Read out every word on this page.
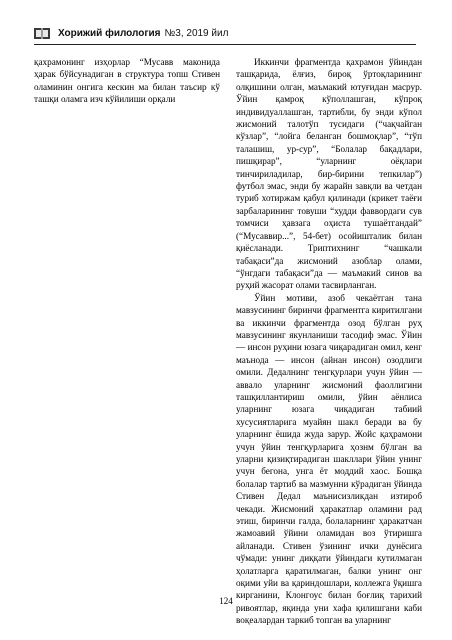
Хорижий филология №3, 2019 йил

қахрамонинг изҳорлар “Мусавв маконида ҳарак бўйсунадиган в структура топш Стивен оламинин онгига кескин ма билан таъсир кў ташқи оламга изч кўйилиши орқали

Иккинчи фрагментда қахрамон ўйиндан ташқарида, ёлғиз, бироқ ўртоқларининг олқишини олган, маъмакий ютуғидан масрур. Ўйин қамроқ кўполлашган, кўпроқ индивидуаллашган, тартибли, бу энди кўпол жисмоний талотўп тусидаги (“чақчайган кўзлар”, “лойга беланган бошмоқлар”, “тўп талашиш, ур-сур”, “Болалар бақадлари, пишқирар”, “уларнинг оёқлари тинчириладилар, бир-бирини тепкилар”) футбол эмас, энди бу жарайн завқли ва четдан туриб хотиржам қабул қилинади (крикет таёғи зарбаларининг товуши “худди фаввордаги сув томчиси ҳавзага оҳиста тушаётгандай” (“Мусаввир...”, 54-бет) осойишталик билан қиёсланади. Триптихнинг “чашкали табақаси”да жисмоний азоблар олами, “ўнгдаги табақаси”да — маъмакий синов ва руҳий жасорат олами тасвирланган.

Ўйин мотиви, азоб чекаётган тана мавзусининг биринчи фрагментга киритилгани ва иккинчи фрагментда озод бўлган руҳ мавзусининг якунланиши тасодиф эмас. Ўйин — инсон руҳини юзага чиқарадиган омил, кенг маънода — инсон (айнан инсон) озодлиги омили. Дедалнинг тенгқурлари учун ўйин — аввало уларнинг жисмоний фаоллигини ташқиллантириш омили, ўйин аёнлиса уларнинг юзага чиқадиган табиий хусусиятларига муайян шакл беради ва бу уларнинг ёшида жуда зарур. Жойс қаҳрамони учун ўйин тенгқурларига ҳознм бўлган ва уларни қизиқтирадиган шакллари ўйин унинг учун бегона, унга ёт моддий хаос. Бошқа болалар тартиб ва мазмунни кўрадиган ўйинда Стивен Дедал маънисизликдан изтироб чекади. Жисмоний ҳаракатлар оламини рад этиш, биринчи галда, болаларнинг ҳаракатчан жамоавий ўйини оламидан воз ўтиришга айланади. Стивен ўзининг ички дунёсига чўмади: унинг диққати ўйиндаги кутилмаган ҳолатларга қаратилмаган, балки унинг онг оқими уйи ва қариндошлари, коллежга ўқишга кирганини, Клонгоус билан боғлиқ тарихий ривоятлар, яқинда уни хафа қилишгани каби воқеалардан таркиб топган ва уларнинг

124
